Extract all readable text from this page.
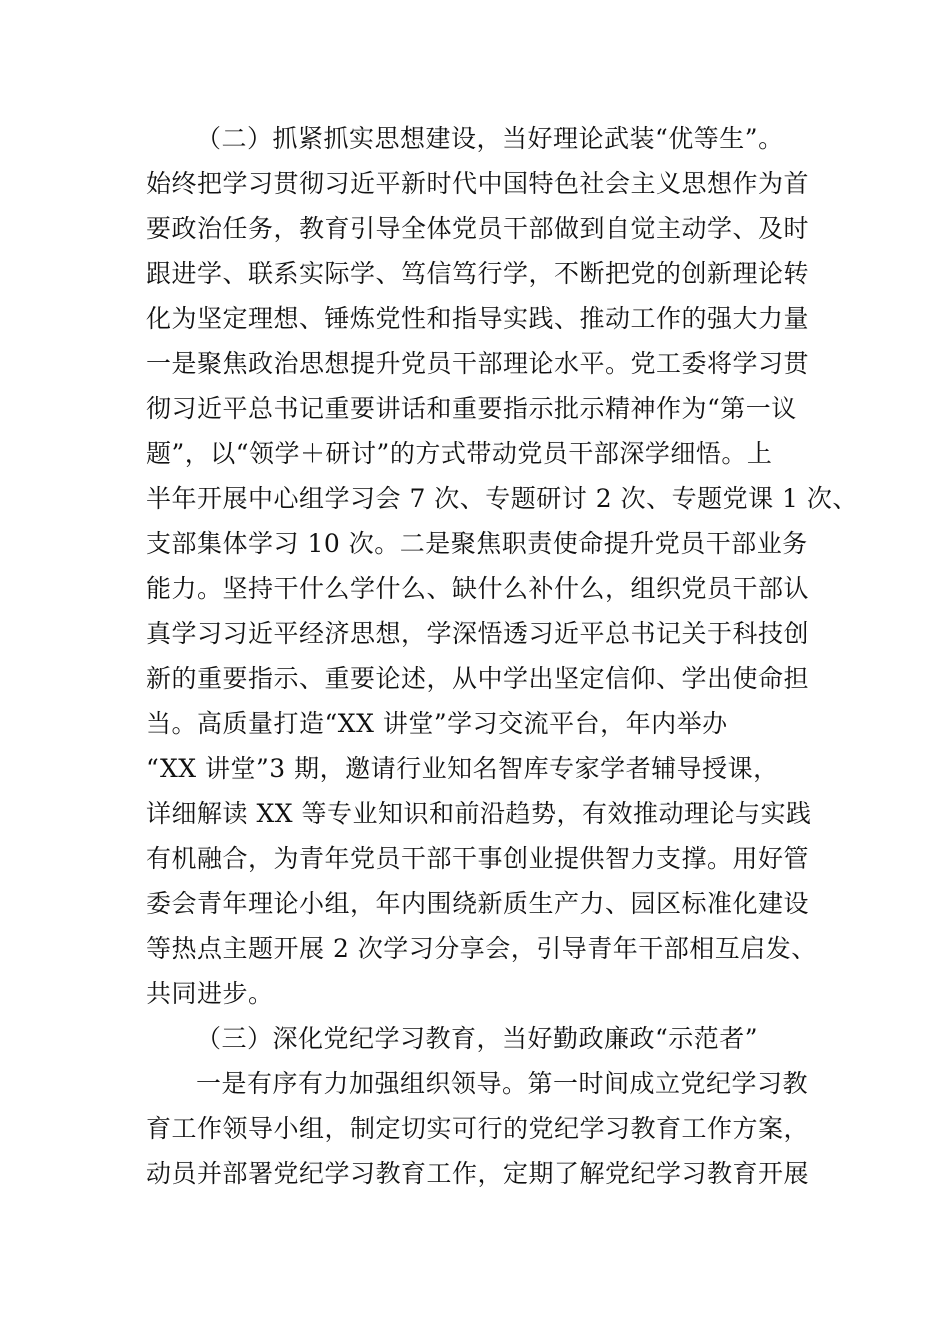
（二）抓紧抓实思想建设，当好理论武装“优等生”。
始终把学习贯彻习近平新时代中国特色社会主义思想作为首
要政治任务，教育引导全体党员干部做到自觉主动学、及时
跟进学、联系实际学、笃信笃行学，不断把党的创新理论转
化为坚定理想、锤炼党性和指导实践、推动工作的强大力量
一是聚焦政治思想提升党员干部理论水平。党工委将学习贯
彻习近平总书记重要讲话和重要指示批示精神作为“第一议
题”，以“领学＋研讨”的方式带动党员干部深学细悟。上
半年开展中心组学习会 7 次、专题研讨 2 次、专题党课 1 次、
支部集体学习 10 次。二是聚焦职责使命提升党员干部业务
能力。坚持干什么学什么、缺什么补什么，组织党员干部认
真学习习近平经济思想，学深悟透习近平总书记关于科技创
新的重要指示、重要论述，从中学出坚定信仰、学出使命担
当。高质量打造“XX 讲堂”学习交流平台，年内举办
“XX 讲堂”3 期，邀请行业知名智库专家学者辅导授课，
详细解读 XX 等专业知识和前沿趋势，有效推动理论与实践
有机融合，为青年党员干部干事创业提供智力支撑。用好管
委会青年理论小组，年内围绕新质生产力、园区标准化建设
等热点主题开展 2 次学习分享会，引导青年干部相互启发、
共同进步。
（三）深化党纪学习教育，当好勤政廉政“示范者”
一是有序有力加强组织领导。第一时间成立党纪学习教
育工作领导小组，制定切实可行的党纪学习教育工作方案，
动员并部署党纪学习教育工作，定期了解党纪学习教育开展
